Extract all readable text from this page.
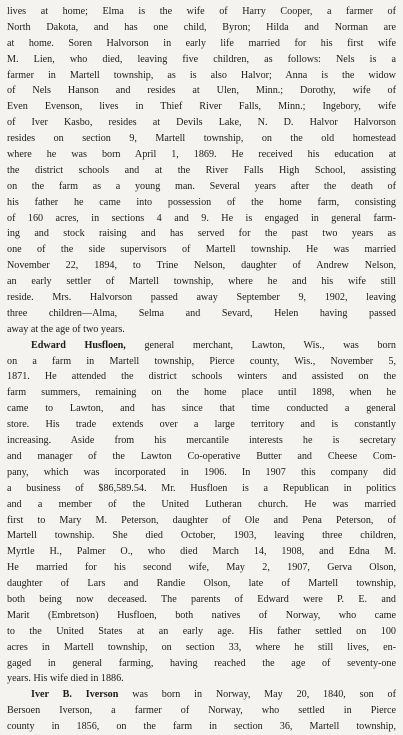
lives at home; Elma is the wife of Harry Cooper, a farmer of
North Dakota, and has one child, Byron; Hilda and Norman are
at home. Soren Halvorson in early life married for his first wife
M. Lien, who died, leaving five children, as follows: Nels is a
farmer in Martell township, as is also Halvor; Anna is the widow
of Nels Hanson and resides at Ulen, Minn.; Dorothy, wife of
Even Evenson, lives in Thief River Falls, Minn.; Ingebory, wife
of Iver Kasbo, resides at Devils Lake, N. D. Halvor Halvorson
resides on section 9, Martell township, on the old homestead
where he was born April 1, 1869. He received his education at
the district schools and at the River Falls High School, assisting
on the farm as a young man. Several years after the death of
his father he came into possession of the home farm, consisting
of 160 acres, in sections 4 and 9. He is engaged in general farm-
ing and stock raising and has served for the past two years as
one of the side supervisors of Martell township. He was married
November 22, 1894, to Trine Nelson, daughter of Andrew Nelson,
an early settler of Martell township, where he and his wife still
reside. Mrs. Halvorson passed away September 9, 1902, leaving
three children—Alma, Selma and Sevard, Helen having passed
away at the age of two years.
Edward Husfloen, general merchant, Lawton, Wis., was born
on a farm in Martell township, Pierce county, Wis., November 5,
1871. He attended the district schools winters and assisted on the
farm summers, remaining on the home place until 1898, when he
came to Lawton, and has since that time conducted a general
store. His trade extends over a large territory and is constantly
increasing. Aside from his mercantile interests he is secretary
and manager of the Lawton Co-operative Butter and Cheese Com-
pany, which was incorporated in 1906. In 1907 this company did
a business of $86,589.54. Mr. Husfloen is a Republican in politics
and a member of the United Lutheran church. He was married
first to Mary M. Peterson, daughter of Ole and Pena Peterson, of
Martell township. She died October, 1903, leaving three children,
Myrtle H., Palmer O., who died March 14, 1908, and Edna M.
He married for his second wife, May 2, 1907, Gerva Olson,
daughter of Lars and Randie Olson, late of Martell township,
both being now deceased. The parents of Edward were P. E. and
Marit (Embretson) Husfloen, both natives of Norway, who came
to the United States at an early age. His father settled on 100
acres in Martell township, on section 33, where he still lives, en-
gaged in general farming, having reached the age of seventy-one
years. His wife died in 1886.
Iver B. Iverson was born in Norway, May 20, 1840, son of
Bersoen Iverson, a farmer of Norway, who settled in Pierce
county in 1856, on the farm in section 36, Martell township,
